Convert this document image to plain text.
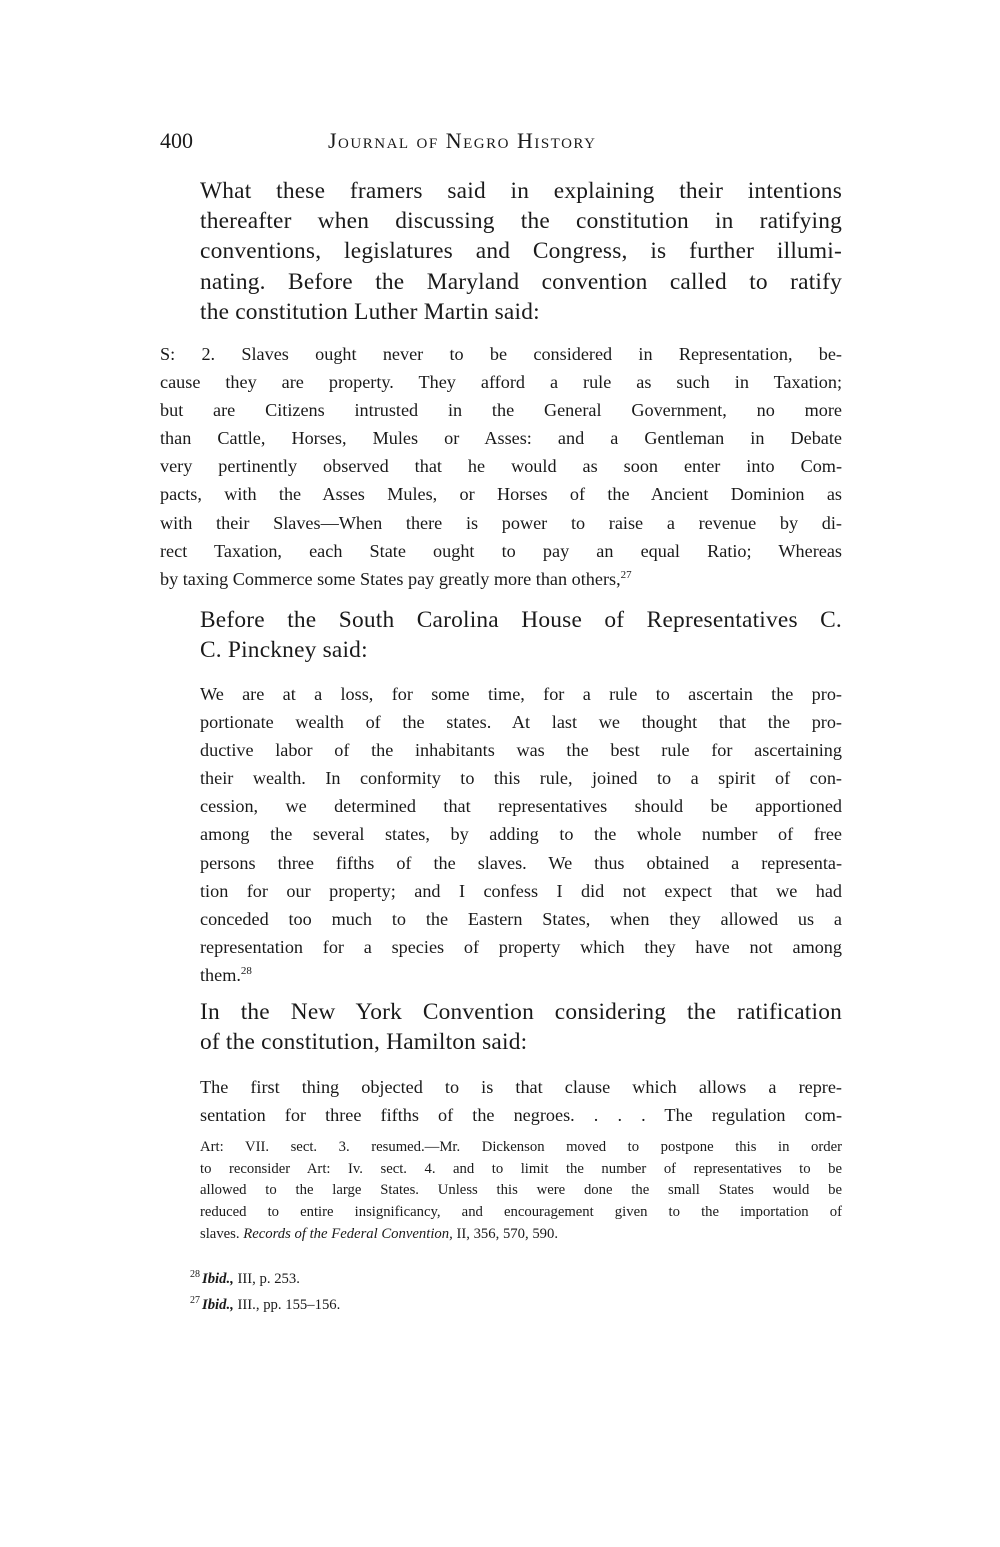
400	Journal of Negro History

What these framers said in explaining their intentions
thereafter when discussing the constitution in ratifying
conventions, legislatures and Congress, is further illumi-
nating. Before the Maryland convention called to ratify
the constitution Luther Martin said:

S: 2. Slaves ought never to be considered in Representation, be-
cause they are property. They afford a rule as such in Taxation;
but are Citizens intrusted in the General Government, no more
than Cattle, Horses, Mules or Asses: and a Gentleman in Debate
very pertinently observed that he would as soon enter into Com-
pacts, with the Asses Mules, or Horses of the Ancient Dominion as
with their Slaves—When there is power to raise a revenue by di-
rect Taxation, each State ought to pay an equal Ratio; Whereas
by taxing Commerce some States pay greatly more than others,$^{27}$

Before the South Carolina House of Representatives C.
C. Pinckney said:

We are at a loss, for some time, for a rule to ascertain the pro-
portionate wealth of the states. At last we thought that the pro-
ductive labor of the inhabitants was the best rule for ascertaining
their wealth. In conformity to this rule, joined to a spirit of con-
cession, we determined that representatives should be apportioned
among the several states, by adding to the whole number of free
persons three fifths of the slaves. We thus obtained a representa-
tion for our property; and I confess I did not expect that we had
conceded too much to the Eastern States, when they allowed us a
representation for a species of property which they have not among
them.$^{28}$

In the New York Convention considering the ratification
of the constitution, Hamilton said:

The first thing objected to is that clause which allows a repre-
sentation for three fifths of the negroes. . . . The regulation com-

Art: VII. sect. 3. resumed.—Mr. Dickenson moved to postpone this in order
to reconsider Art: Iv. sect. 4. and to limit the number of representatives to be
allowed to the large States. Unless this were done the small States would be
reduced to entire insignificancy, and encouragement given to the importation of
slaves. Records of the Federal Convention, II, 356, 570, 590.

$^{28}$ Ibid., III, p. 253.
$^{27}$ Ibid., III., pp. 155–156.
